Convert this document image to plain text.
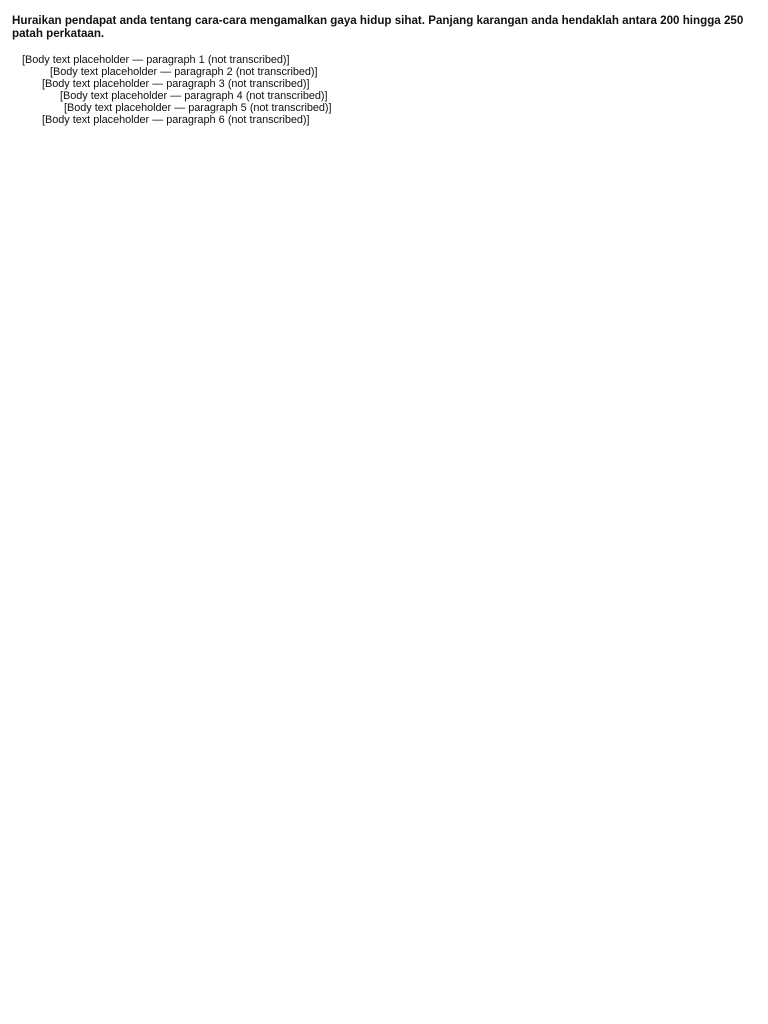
Huraikan pendapat anda tentang cara-cara mengamalkan gaya hidup sihat. Panjang karangan anda hendaklah antara 200 hingga 250 patah perkataan.

[Body text placeholder — paragraph 1 (not transcribed)]

[Body text placeholder — paragraph 2 (not transcribed)]

[Body text placeholder — paragraph 3 (not transcribed)]

[Body text placeholder — paragraph 4 (not transcribed)]

[Body text placeholder — paragraph 5 (not transcribed)]

[Body text placeholder — paragraph 6 (not transcribed)]
